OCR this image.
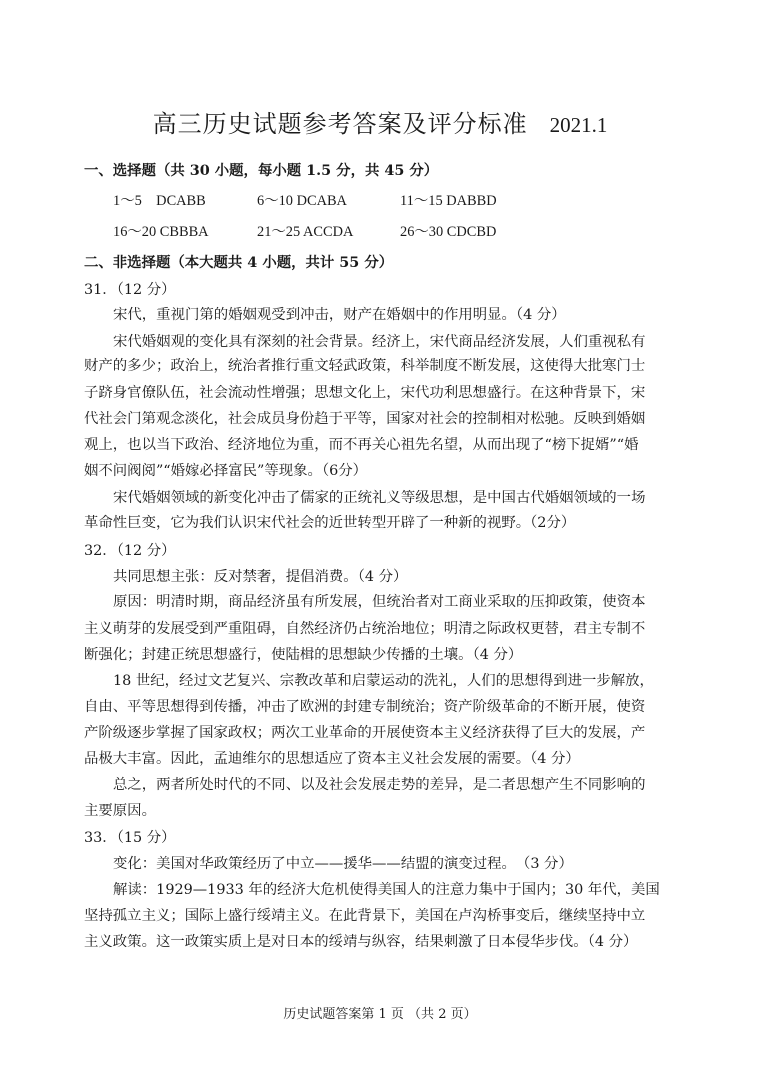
高三历史试题参考答案及评分标准 2021.1
一、选择题（共 30 小题，每小题 1.5 分，共 45 分）
1～5　DCABB	6～10 DCABA	11～15 DABBD
16～20 CBBBA	21～25 ACCDA	26～30 CDCBD
二、非选择题（本大题共 4 小题，共计 55 分）
31．（12 分）
宋代，重视门第的婚姻观受到冲击，财产在婚姻中的作用明显。（4 分）
宋代婚姻观的变化具有深刻的社会背景。经济上，宋代商品经济发展，人们重视私有
财产的多少；政治上，统治者推行重文轻武政策，科举制度不断发展，这使得大批寒门士
子跻身官僚队伍，社会流动性增强；思想文化上，宋代功利思想盛行。在这种背景下，宋
代社会门第观念淡化，社会成员身份趋于平等，国家对社会的控制相对松驰。反映到婚姻
观上，也以当下政治、经济地位为重，而不再关心祖先名望，从而出现了“榜下捉婿”“婚
姻不问阀阅”“婚嫁必择富民”等现象。（6分）
宋代婚姻领域的新变化冲击了儒家的正统礼义等级思想，是中国古代婚姻领域的一场
革命性巨变，它为我们认识宋代社会的近世转型开辟了一种新的视野。（2分）
32．（12 分）
共同思想主张：反对禁奢，提倡消费。（4 分）
原因：明清时期，商品经济虽有所发展，但统治者对工商业采取的压抑政策，使资本
主义萌芽的发展受到严重阻碍，自然经济仍占统治地位；明清之际政权更替，君主专制不
断强化；封建正统思想盛行，使陆楫的思想缺少传播的土壤。（4 分）
18 世纪，经过文艺复兴、宗教改革和启蒙运动的洗礼，人们的思想得到进一步解放，
自由、平等思想得到传播，冲击了欧洲的封建专制统治；资产阶级革命的不断开展，使资
产阶级逐步掌握了国家政权；两次工业革命的开展使资本主义经济获得了巨大的发展，产
品极大丰富。因此，孟迪维尔的思想适应了资本主义社会发展的需要。（4 分）
总之，两者所处时代的不同、以及社会发展走势的差异，是二者思想产生不同影响的
主要原因。
33．（15 分）
变化：美国对华政策经历了中立——援华——结盟的演变过程。　（3 分）
解读：1929—1933 年的经济大危机使得美国人的注意力集中于国内；30 年代，美国
坚持孤立主义；国际上盛行绥靖主义。在此背景下，美国在卢沟桥事变后，继续坚持中立
主义政策。这一政策实质上是对日本的绥靖与纵容，结果刺激了日本侵华步伐。（4 分）
历史试题答案第 1 页 （共 2 页）
